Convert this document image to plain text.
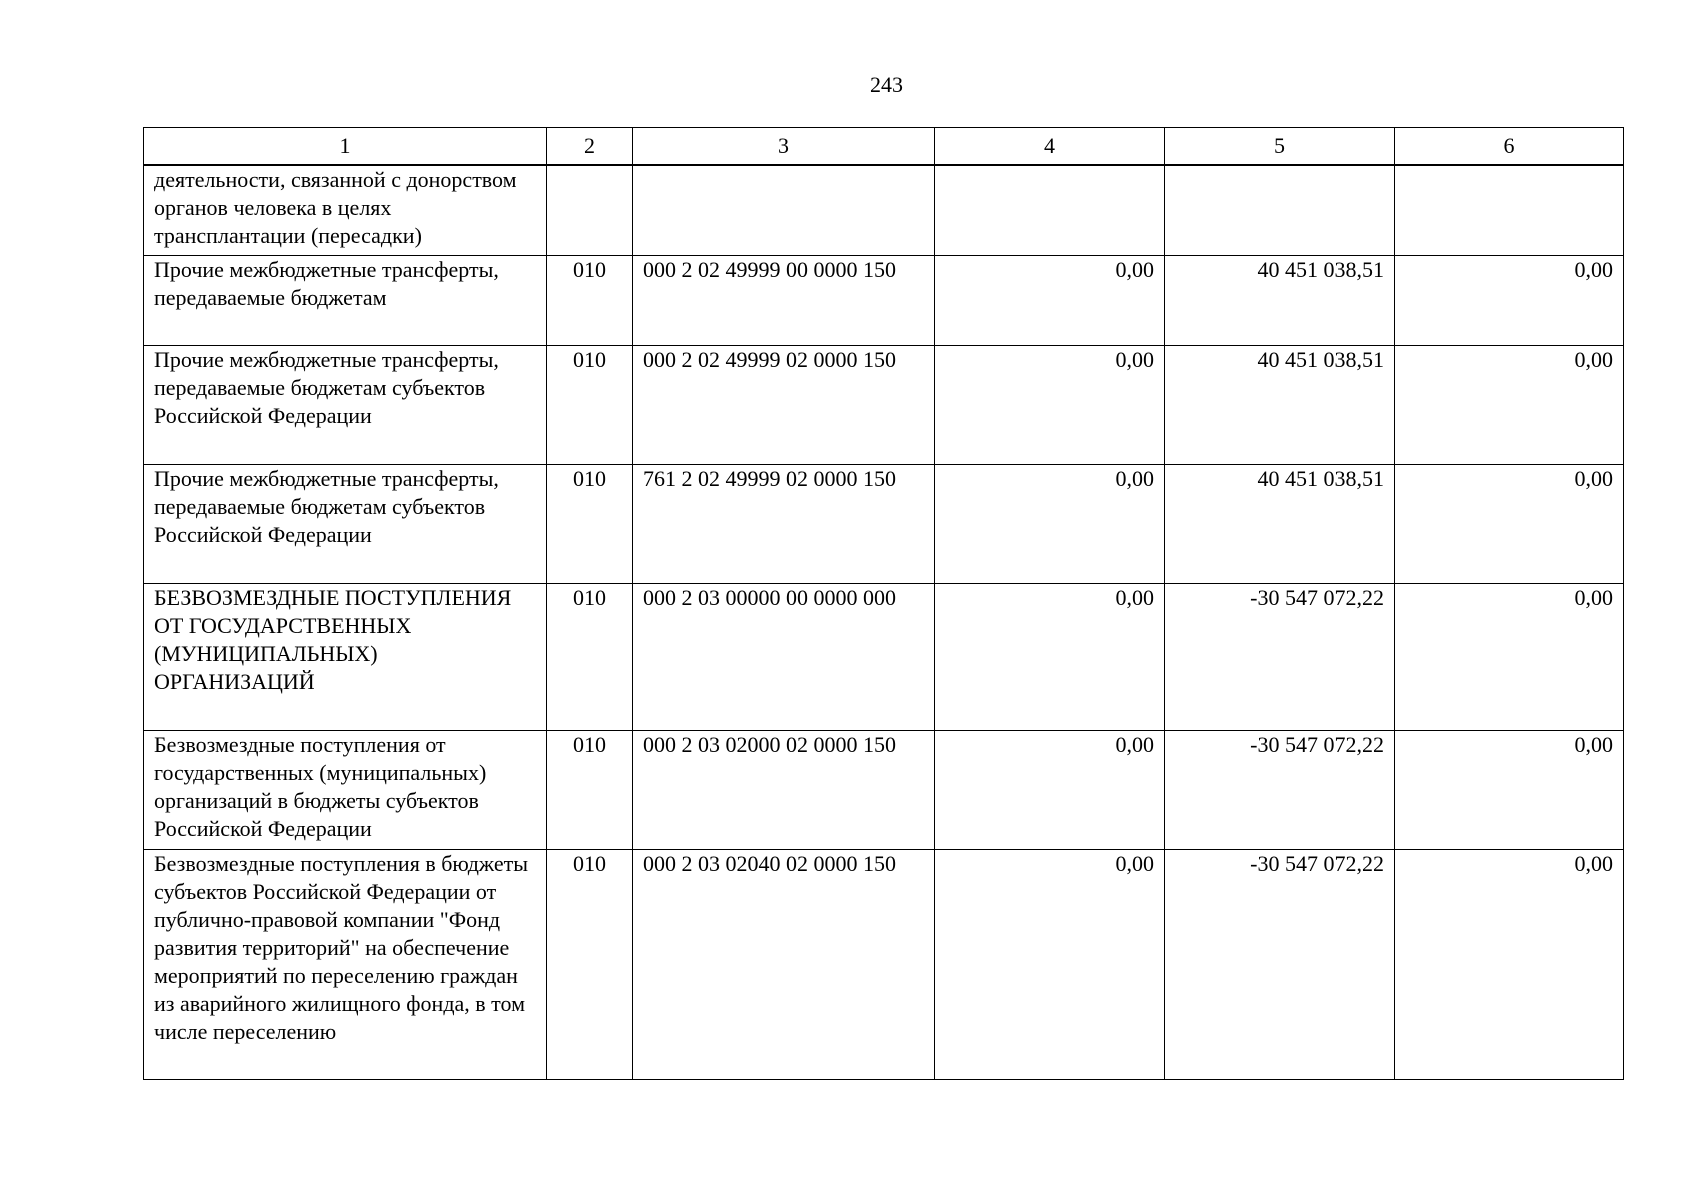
243
1	2	3	4	5	6
деятельности, связанной с донорством органов человека в целях трансплантации (пересадки)					
Прочие межбюджетные трансферты, передаваемые бюджетам	010	000 2 02 49999 00 0000 150	0,00	40 451 038,51	0,00
Прочие межбюджетные трансферты, передаваемые бюджетам субъектов Российской Федерации	010	000 2 02 49999 02 0000 150	0,00	40 451 038,51	0,00
Прочие межбюджетные трансферты, передаваемые бюджетам субъектов Российской Федерации	010	761 2 02 49999 02 0000 150	0,00	40 451 038,51	0,00
БЕЗВОЗМЕЗДНЫЕ ПОСТУПЛЕНИЯ ОТ ГОСУДАРСТВЕННЫХ (МУНИЦИПАЛЬНЫХ) ОРГАНИЗАЦИЙ	010	000 2 03 00000 00 0000 000	0,00	-30 547 072,22	0,00
Безвозмездные поступления от государственных (муниципальных) организаций в бюджеты субъектов Российской Федерации	010	000 2 03 02000 02 0000 150	0,00	-30 547 072,22	0,00
Безвозмездные поступления в бюджеты субъектов Российской Федерации от публично-правовой компании "Фонд развития территорий" на обеспечение мероприятий по переселению граждан из аварийного жилищного фонда, в том числе переселению	010	000 2 03 02040 02 0000 150	0,00	-30 547 072,22	0,00
